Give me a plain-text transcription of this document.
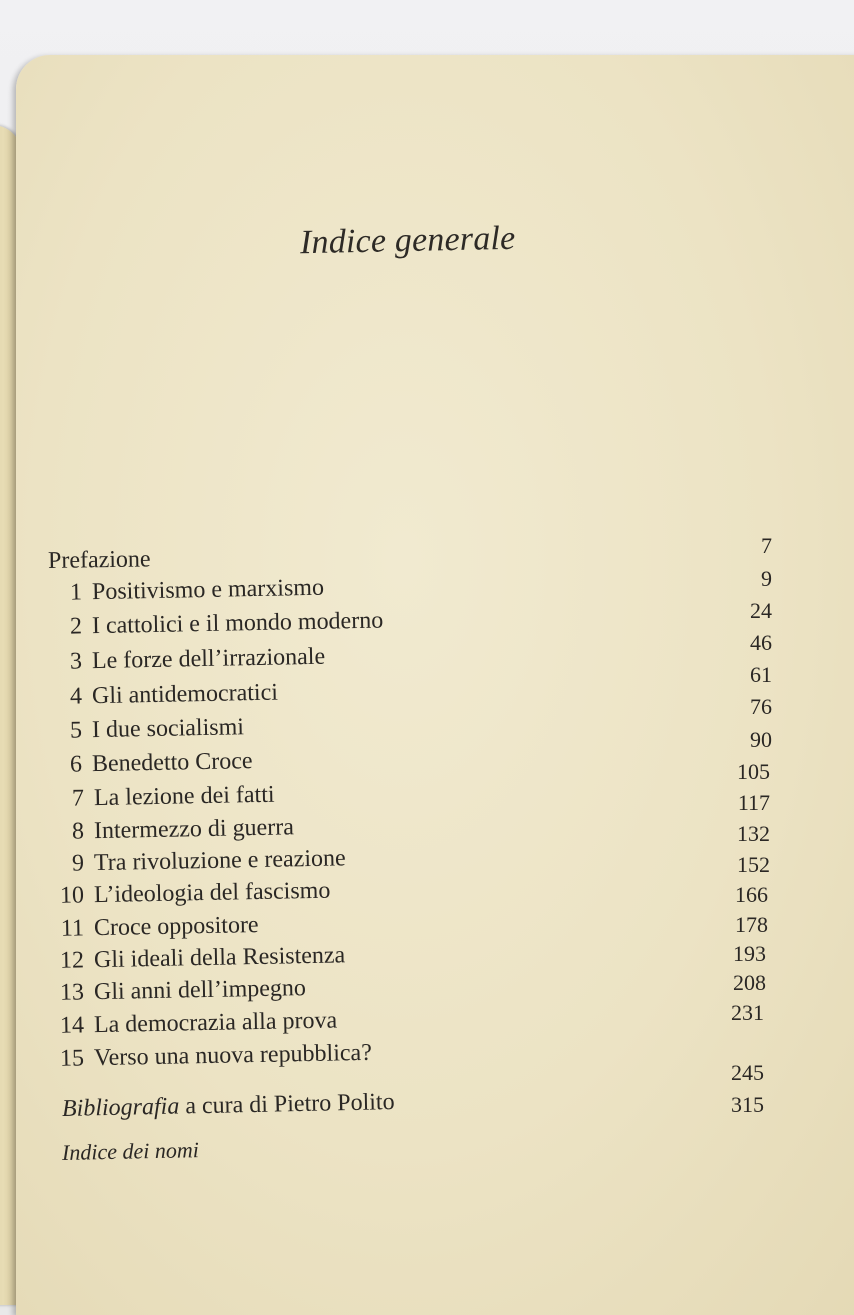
Indice generale
Prefazione
1 Positivismo e marxismo
2 I cattolici e il mondo moderno
3 Le forze dell’irrazionale
4 Gli antidemocratici
5 I due socialismi
6 Benedetto Croce
7 La lezione dei fatti
8 Intermezzo di guerra
9 Tra rivoluzione e reazione
10 L’ideologia del fascismo
11 Croce oppositore
12 Gli ideali della Resistenza
13 Gli anni dell’impegno
14 La democrazia alla prova
15 Verso una nuova repubblica?
Bibliografia a cura di Pietro Polito
Indice dei nomi
7
9
24
46
61
76
90
105
117
132
152
166
178
193
208
231
245
315
